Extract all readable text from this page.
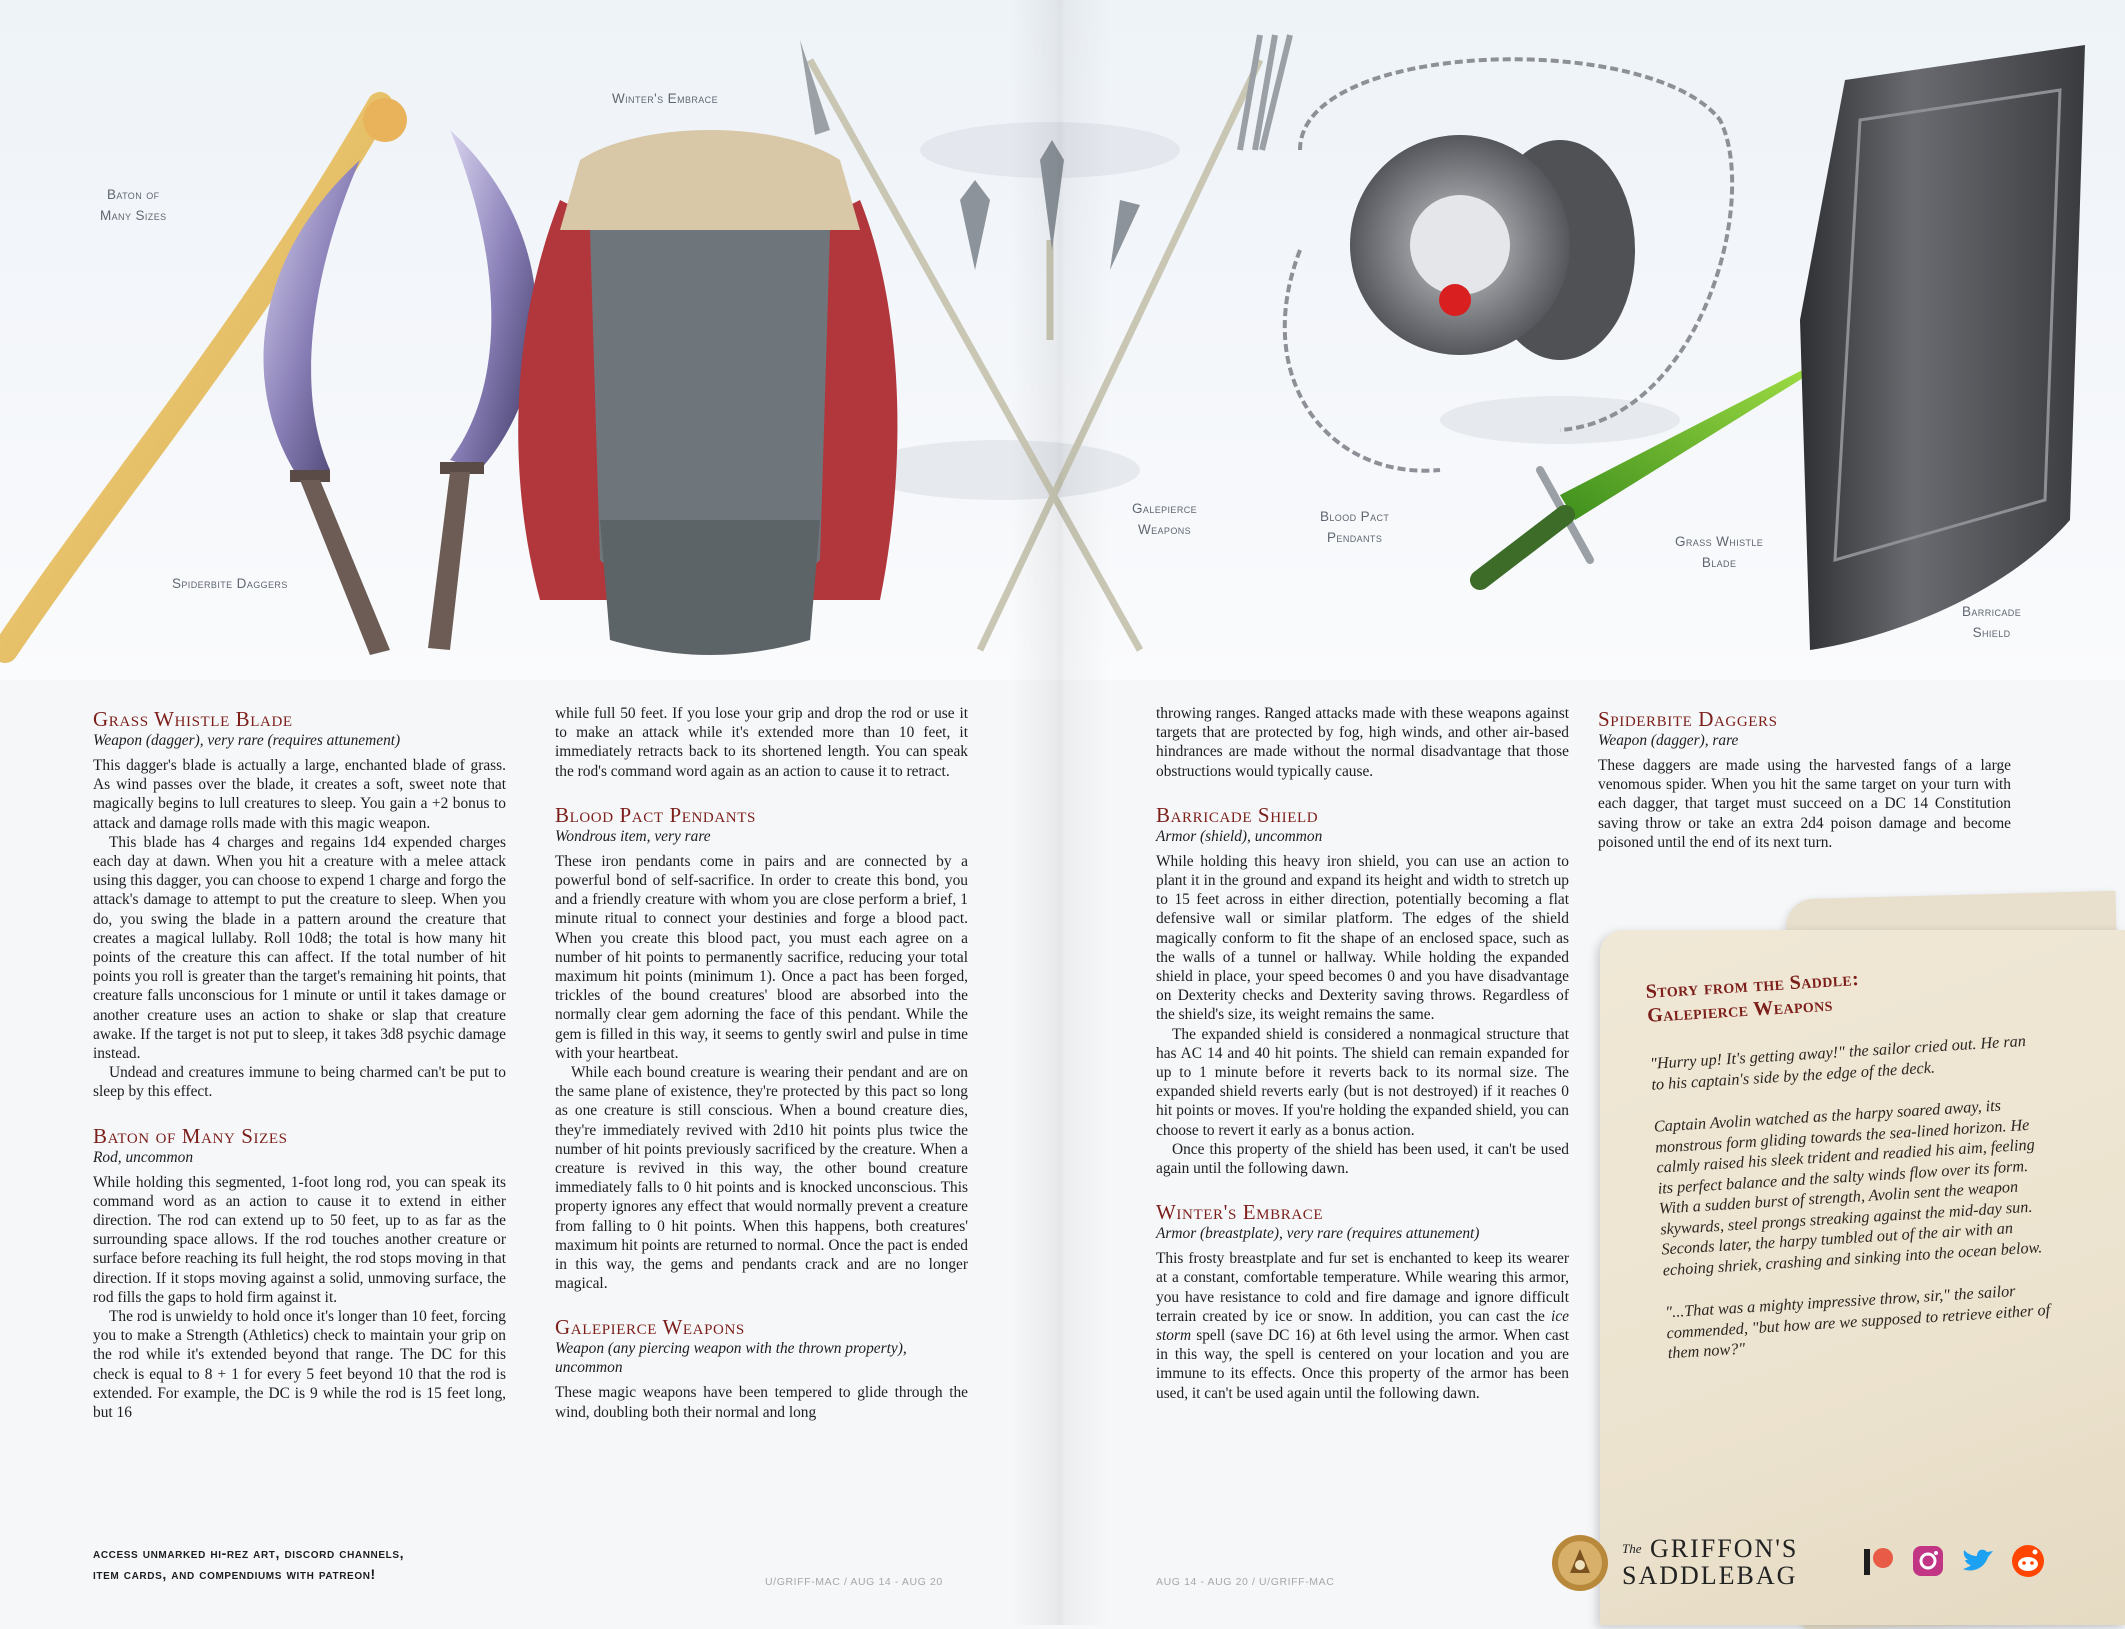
Baton of
Many Sizes
Winter's Embrace
Spiderbite Daggers
Galepierce
Weapons
Blood Pact
Pendants	Grass Whistle
Blade
Barricade
Shield
Grass Whistle Blade
Weapon (dagger), very rare (requires attunement)

This dagger's blade is actually a large, enchanted blade of grass. As wind passes over the blade, it creates a soft, sweet note that magically begins to lull creatures to sleep. You gain a +2 bonus to attack and damage rolls made with this magic weapon.

This blade has 4 charges and regains 1d4 expended charges each day at dawn. When you hit a creature with a melee attack using this dagger, you can choose to expend 1 charge and forgo the attack's damage to attempt to put the creature to sleep. When you do, you swing the blade in a pattern around the creature that creates a magical lullaby. Roll 10d8; the total is how many hit points of the creature this can affect. If the total number of hit points you roll is greater than the target's remaining hit points, that creature falls unconscious for 1 minute or until it takes damage or another creature uses an action to shake or slap that creature awake. If the target is not put to sleep, it takes 3d8 psychic damage instead.

Undead and creatures immune to being charmed can't be put to sleep by this effect.

Baton of Many Sizes
Rod, uncommon

While holding this segmented, 1-foot long rod, you can speak its command word as an action to cause it to extend in either direction. The rod can extend up to 50 feet, up to as far as the surrounding space allows. If the rod touches another creature or surface before reaching its full height, the rod stops moving in that direction. If it stops moving against a solid, unmoving surface, the rod fills the gaps to hold firm against it.

The rod is unwieldy to hold once it's longer than 10 feet, forcing you to make a Strength (Athletics) check to maintain your grip on the rod while it's extended beyond that range. The DC for this check is equal to 8 + 1 for every 5 feet beyond 10 that the rod is extended. For example, the DC is 9 while the rod is 15 feet long, but 16

while full 50 feet. If you lose your grip and drop the rod or use it to make an attack while it's extended more than 10 feet, it immediately retracts back to its shortened length. You can speak the rod's command word again as an action to cause it to retract.

Blood Pact Pendants
Wondrous item, very rare

These iron pendants come in pairs and are connected by a powerful bond of self-sacrifice. In order to create this bond, you and a friendly creature with whom you are close perform a brief, 1 minute ritual to connect your destinies and forge a blood pact. When you create this blood pact, you must each agree on a number of hit points to permanently sacrifice, reducing your total maximum hit points (minimum 1). Once a pact has been forged, trickles of the bound creatures' blood are absorbed into the normally clear gem adorning the face of this pendant. While the gem is filled in this way, it seems to gently swirl and pulse in time with your heartbeat.

While each bound creature is wearing their pendant and are on the same plane of existence, they're protected by this pact so long as one creature is still conscious. When a bound creature dies, they're immediately revived with 2d10 hit points plus twice the number of hit points previously sacrificed by the creature. When a creature is revived in this way, the other bound creature immediately falls to 0 hit points and is knocked unconscious. This property ignores any effect that would normally prevent a creature from falling to 0 hit points. When this happens, both creatures' maximum hit points are returned to normal. Once the pact is ended in this way, the gems and pendants crack and are no longer magical.

Galepierce Weapons
Weapon (any piercing weapon with the thrown property), uncommon

These magic weapons have been tempered to glide through the wind, doubling both their normal and long

throwing ranges. Ranged attacks made with these weapons against targets that are protected by fog, high winds, and other air-based hindrances are made without the normal disadvantage that those obstructions would typically cause.

Barricade Shield
Armor (shield), uncommon

While holding this heavy iron shield, you can use an action to plant it in the ground and expand its height and width to stretch up to 15 feet across in either direction, potentially becoming a flat defensive wall or similar platform. The edges of the shield magically conform to fit the shape of an enclosed space, such as the walls of a tunnel or hallway. While holding the expanded shield in place, your speed becomes 0 and you have disadvantage on Dexterity checks and Dexterity saving throws. Regardless of the shield's size, its weight remains the same.

The expanded shield is considered a nonmagical structure that has AC 14 and 40 hit points. The shield can remain expanded for up to 1 minute before it reverts back to its normal size. The expanded shield reverts early (but is not destroyed) if it reaches 0 hit points or moves. If you're holding the expanded shield, you can choose to revert it early as a bonus action.

Once this property of the shield has been used, it can't be used again until the following dawn.

Winter's Embrace
Armor (breastplate), very rare (requires attunement)

This frosty breastplate and fur set is enchanted to keep its wearer at a constant, comfortable temperature. While wearing this armor, you have resistance to cold and fire damage and ignore difficult terrain created by ice or snow. In addition, you can cast the ice storm spell (save DC 16) at 6th level using the armor. When cast in this way, the spell is centered on your location and you are immune to its effects. Once this property of the armor has been used, it can't be used again until the following dawn.

Spiderbite Daggers
Weapon (dagger), rare

These daggers are made using the harvested fangs of a large venomous spider. When you hit the same target on your turn with each dagger, that target must succeed on a DC 14 Constitution saving throw or take an extra 2d4 poison damage and become poisoned until the end of its next turn.

Story from the Saddle:
Galepierce Weapons

"Hurry up! It's getting away!" the sailor cried out. He ran to his captain's side by the edge of the deck.

Captain Avolin watched as the harpy soared away, its monstrous form gliding towards the sea-lined horizon. He calmly raised his sleek trident and readied his aim, feeling its perfect balance and the salty winds flow over its form. With a sudden burst of strength, Avolin sent the weapon skywards, steel prongs streaking against the mid-day sun. Seconds later, the harpy tumbled out of the air with an echoing shriek, crashing and sinking into the ocean below.

"...That was a mighty impressive throw, sir," the sailor commended, "but how are we supposed to retrieve either of them now?"

access unmarked hi-rez art, discord channels,
item cards, and compendiums with patreon!	U/GRIFF-MAC / AUG 14 - AUG 20	AUG 14 - AUG 20 / U/GRIFF-MAC
The GRIFFON'S
SADDLEBAG
